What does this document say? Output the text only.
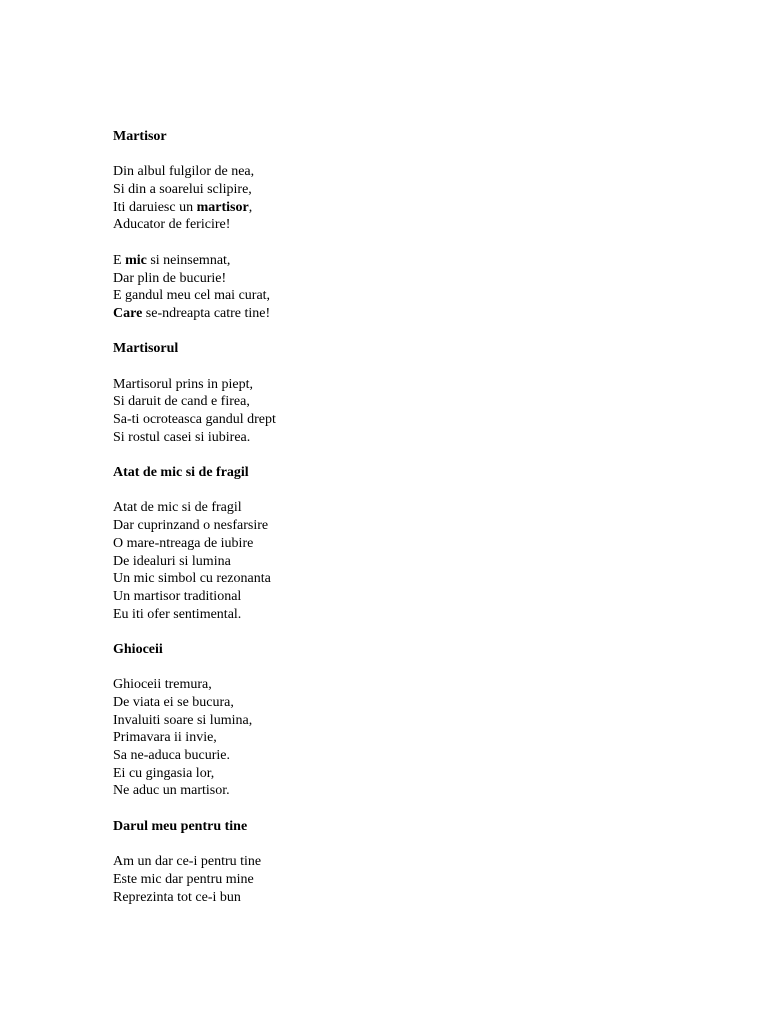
Martisor
Din albul fulgilor de nea,
Si din a soarelui sclipire,
Iti daruiesc un martisor,
Aducator de fericire!
E mic si neinsemnat,
Dar plin de bucurie!
E gandul meu cel mai curat,
Care se-ndreapta catre tine!
Martisorul
Martisorul prins in piept,
Si daruit de cand e firea,
Sa-ti ocroteasca gandul drept
Si rostul casei si iubirea.
Atat de mic si de fragil
Atat de mic si de fragil
Dar cuprinzand o nesfarsire
O mare-ntreaga de iubire
De idealuri si lumina
Un mic simbol cu rezonanta
Un martisor traditional
Eu iti ofer sentimental.
Ghioceii
Ghioceii tremura,
De viata ei se bucura,
Invaluiti soare si lumina,
Primavara ii invie,
Sa ne-aduca bucurie.
Ei cu gingasia lor,
Ne aduc un martisor.
Darul meu pentru tine
Am un dar ce-i pentru tine
Este mic dar pentru mine
Reprezinta tot ce-i bun
